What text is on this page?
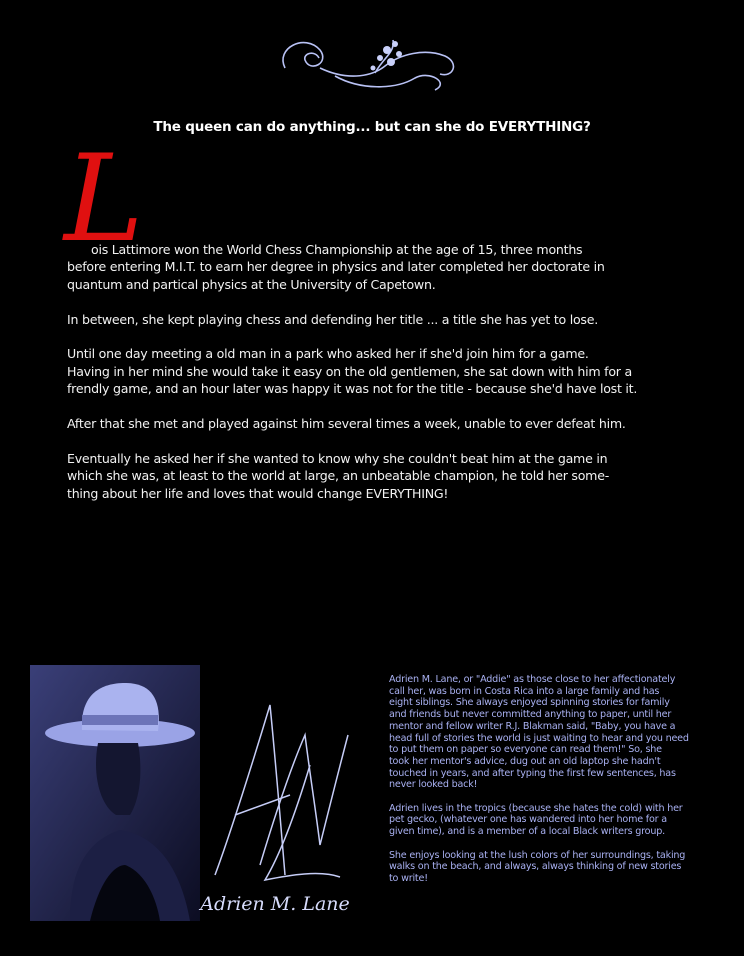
The queen can do anything... but can she do EVERYTHING?
L
ois Lattimore won the World Chess Championship at the age of 15, three months
before entering M.I.T. to earn her degree in physics and later completed her doctorate in
quantum and partical physics at the University of Capetown.
In between, she kept playing chess and defending her title ... a title she has yet to lose.
Until one day meeting a old man in a park who asked her if she'd join him for a game.
Having in her mind she would take it easy on the old gentlemen, she sat down with him for a
frendly game, and an hour later was happy it was not for the title - because she'd have lost it.
After that she met and played against him several times a week, unable to ever defeat him.
Eventually he asked her if she wanted to know why she couldn't beat him at the game in
which she was, at least to the world at large, an unbeatable champion, he told her some-
thing about her life and loves that would change EVERYTHING!
Adrien M. Lane
Adrien M. Lane, or "Addie" as those close to her affectionately
call her, was born in Costa Rica into a large family and has
eight siblings. She always enjoyed spinning stories for family
and friends but never committed anything to paper, until her
mentor and fellow writer R.J. Blakman said, "Baby, you have a
head full of stories the world is just waiting to hear and you need
to put them on paper so everyone can read them!" So, she
took her mentor's advice, dug out an old laptop she hadn't
touched in years, and after typing the first few sentences, has
never looked back!
Adrien lives in the tropics (because she hates the cold) with her
pet gecko, (whatever one has wandered into her home for a
given time), and is a member of a local Black writers group.
She enjoys looking at the lush colors of her surroundings, taking
walks on the beach, and always, always thinking of new stories
to write!
